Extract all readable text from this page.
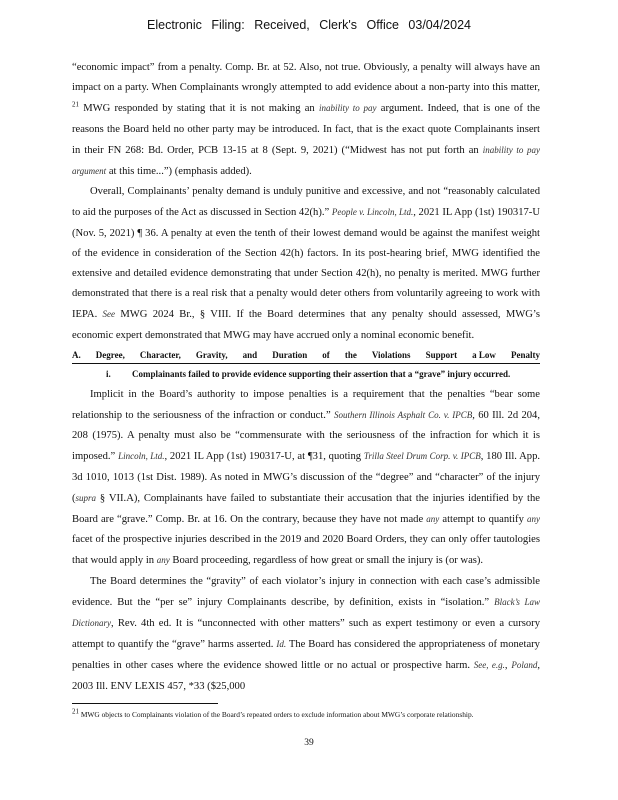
Electronic Filing: Received, Clerk's Office 03/04/2024

“economic impact” from a penalty. Comp. Br. at 52. Also, not true. Obviously, a penalty will always have an impact on a party. When Complainants wrongly attempted to add evidence about a non-party into this matter, $^{21}$ MWG responded by stating that it is not making an inability to pay argument. Indeed, that is one of the reasons the Board held no other party may be introduced. In fact, that is the exact quote Complainants insert in their FN 268: Bd. Order, PCB 13-15 at 8 (Sept. 9, 2021) (“Midwest has not put forth an inability to pay argument at this time...”) (emphasis added).

Overall, Complainants’ penalty demand is unduly punitive and excessive, and not “reasonably calculated to aid the purposes of the Act as discussed in Section 42(h).” People v. Lincoln, Ltd., 2021 IL App (1st) 190317-U (Nov. 5, 2021) ¶ 36. A penalty at even the tenth of their lowest demand would be against the manifest weight of the evidence in consideration of the Section 42(h) factors. In its post-hearing brief, MWG identified the extensive and detailed evidence demonstrating that under Section 42(h), no penalty is merited. MWG further demonstrated that there is a real risk that a penalty would deter others from voluntarily agreeing to work with IEPA. See MWG 2024 Br., § VIII. If the Board determines that any penalty should assessed, MWG’s economic expert demonstrated that MWG may have accrued only a nominal economic benefit.

A. Degree, Character, Gravity, and Duration of the Violations Support a Low Penalty
i.	Complainants failed to provide evidence supporting their assertion that a “grave” injury occurred.

Implicit in the Board’s authority to impose penalties is a requirement that the penalties “bear some relationship to the seriousness of the infraction or conduct.” Southern Illinois Asphalt Co. v. IPCB, 60 Ill. 2d 204, 208 (1975). A penalty must also be “commensurate with the seriousness of the infraction for which it is imposed.” Lincoln, Ltd., 2021 IL App (1st) 190317-U, at ¶31, quoting Trilla Steel Drum Corp. v. IPCB, 180 Ill. App. 3d 1010, 1013 (1st Dist. 1989). As noted in MWG’s discussion of the “degree” and “character” of the injury (supra § VII.A), Complainants have failed to substantiate their accusation that the injuries identified by the Board are “grave.” Comp. Br. at 16. On the contrary, because they have not made any attempt to quantify any facet of the prospective injuries described in the 2019 and 2020 Board Orders, they can only offer tautologies that would apply in any Board proceeding, regardless of how great or small the injury is (or was).

The Board determines the “gravity” of each violator’s injury in connection with each case’s admissible evidence. But the “per se” injury Complainants describe, by definition, exists in “isolation.” Black’s Law Dictionary, Rev. 4th ed. It is “unconnected with other matters” such as expert testimony or even a cursory attempt to quantify the “grave” harms asserted. Id. The Board has considered the appropriateness of monetary penalties in other cases where the evidence showed little or no actual or prospective harm. See, e.g., Poland, 2003 Ill. ENV LEXIS 457, *33 ($25,000

21 MWG objects to Complainants violation of the Board’s repeated orders to exclude information about MWG’s corporate relationship.
39
